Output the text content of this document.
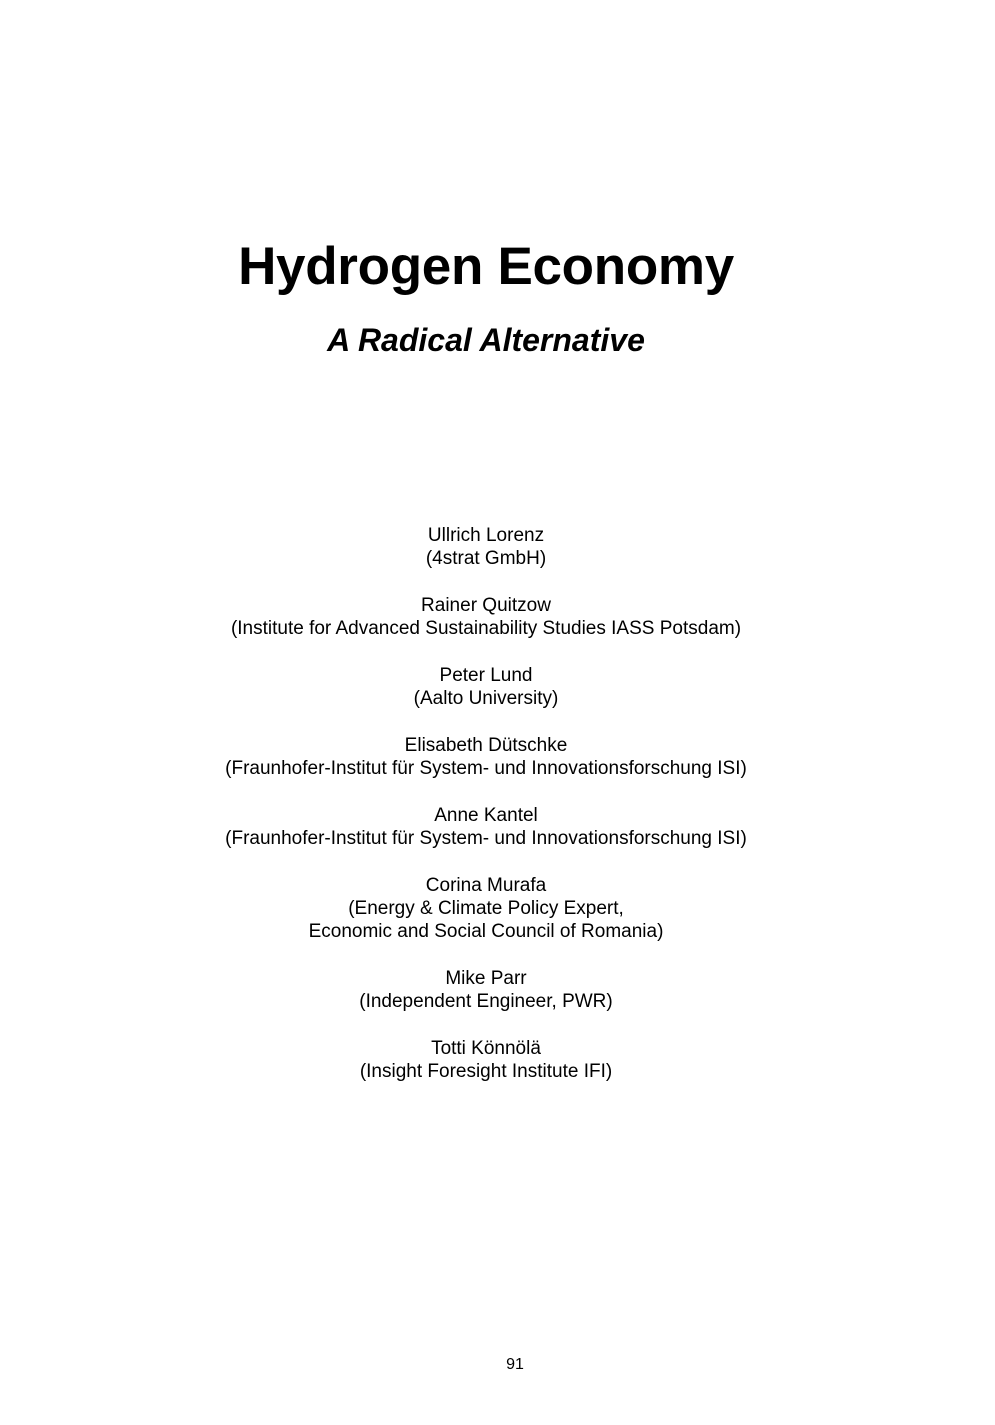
Hydrogen Economy
A Radical Alternative
Ullrich Lorenz
(4strat GmbH)
Rainer Quitzow
(Institute for Advanced Sustainability Studies IASS Potsdam)
Peter Lund
(Aalto University)
Elisabeth Dütschke
(Fraunhofer-Institut für System- und Innovationsforschung ISI)
Anne Kantel
(Fraunhofer-Institut für System- und Innovationsforschung ISI)
Corina Murafa
(Energy & Climate Policy Expert,
Economic and Social Council of Romania)
Mike Parr
(Independent Engineer, PWR)
Totti Könnölä
(Insight Foresight Institute IFI)
91
